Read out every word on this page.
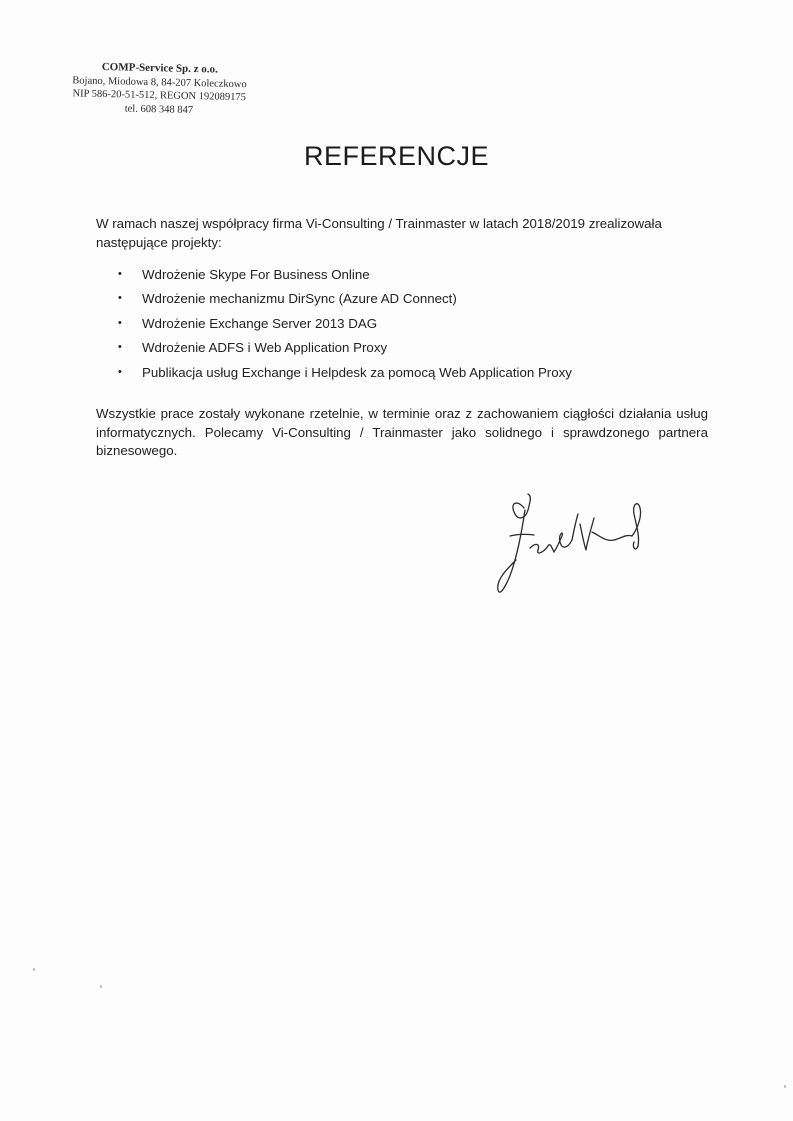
COMP-Service Sp. z o.o.
Bojano, Miodowa 8, 84-207 Koleczkowo
NIP 586-20-51-512, REGON 192089175
tel. 608 348 847
REFERENCJE
W ramach naszej współpracy firma Vi-Consulting / Trainmaster w latach 2018/2019 zrealizowała następujące projekty:
• Wdrożenie Skype For Business Online
• Wdrożenie mechanizmu DirSync (Azure AD Connect)
• Wdrożenie Exchange Server 2013 DAG
• Wdrożenie ADFS i Web Application Proxy
• Publikacja usług Exchange i Helpdesk za pomocą Web Application Proxy
Wszystkie prace zostały wykonane rzetelnie, w terminie oraz z zachowaniem ciągłości działania usług informatycznych. Polecamy Vi-Consulting / Trainmaster jako solidnego i sprawdzonego partnera biznesowego.
